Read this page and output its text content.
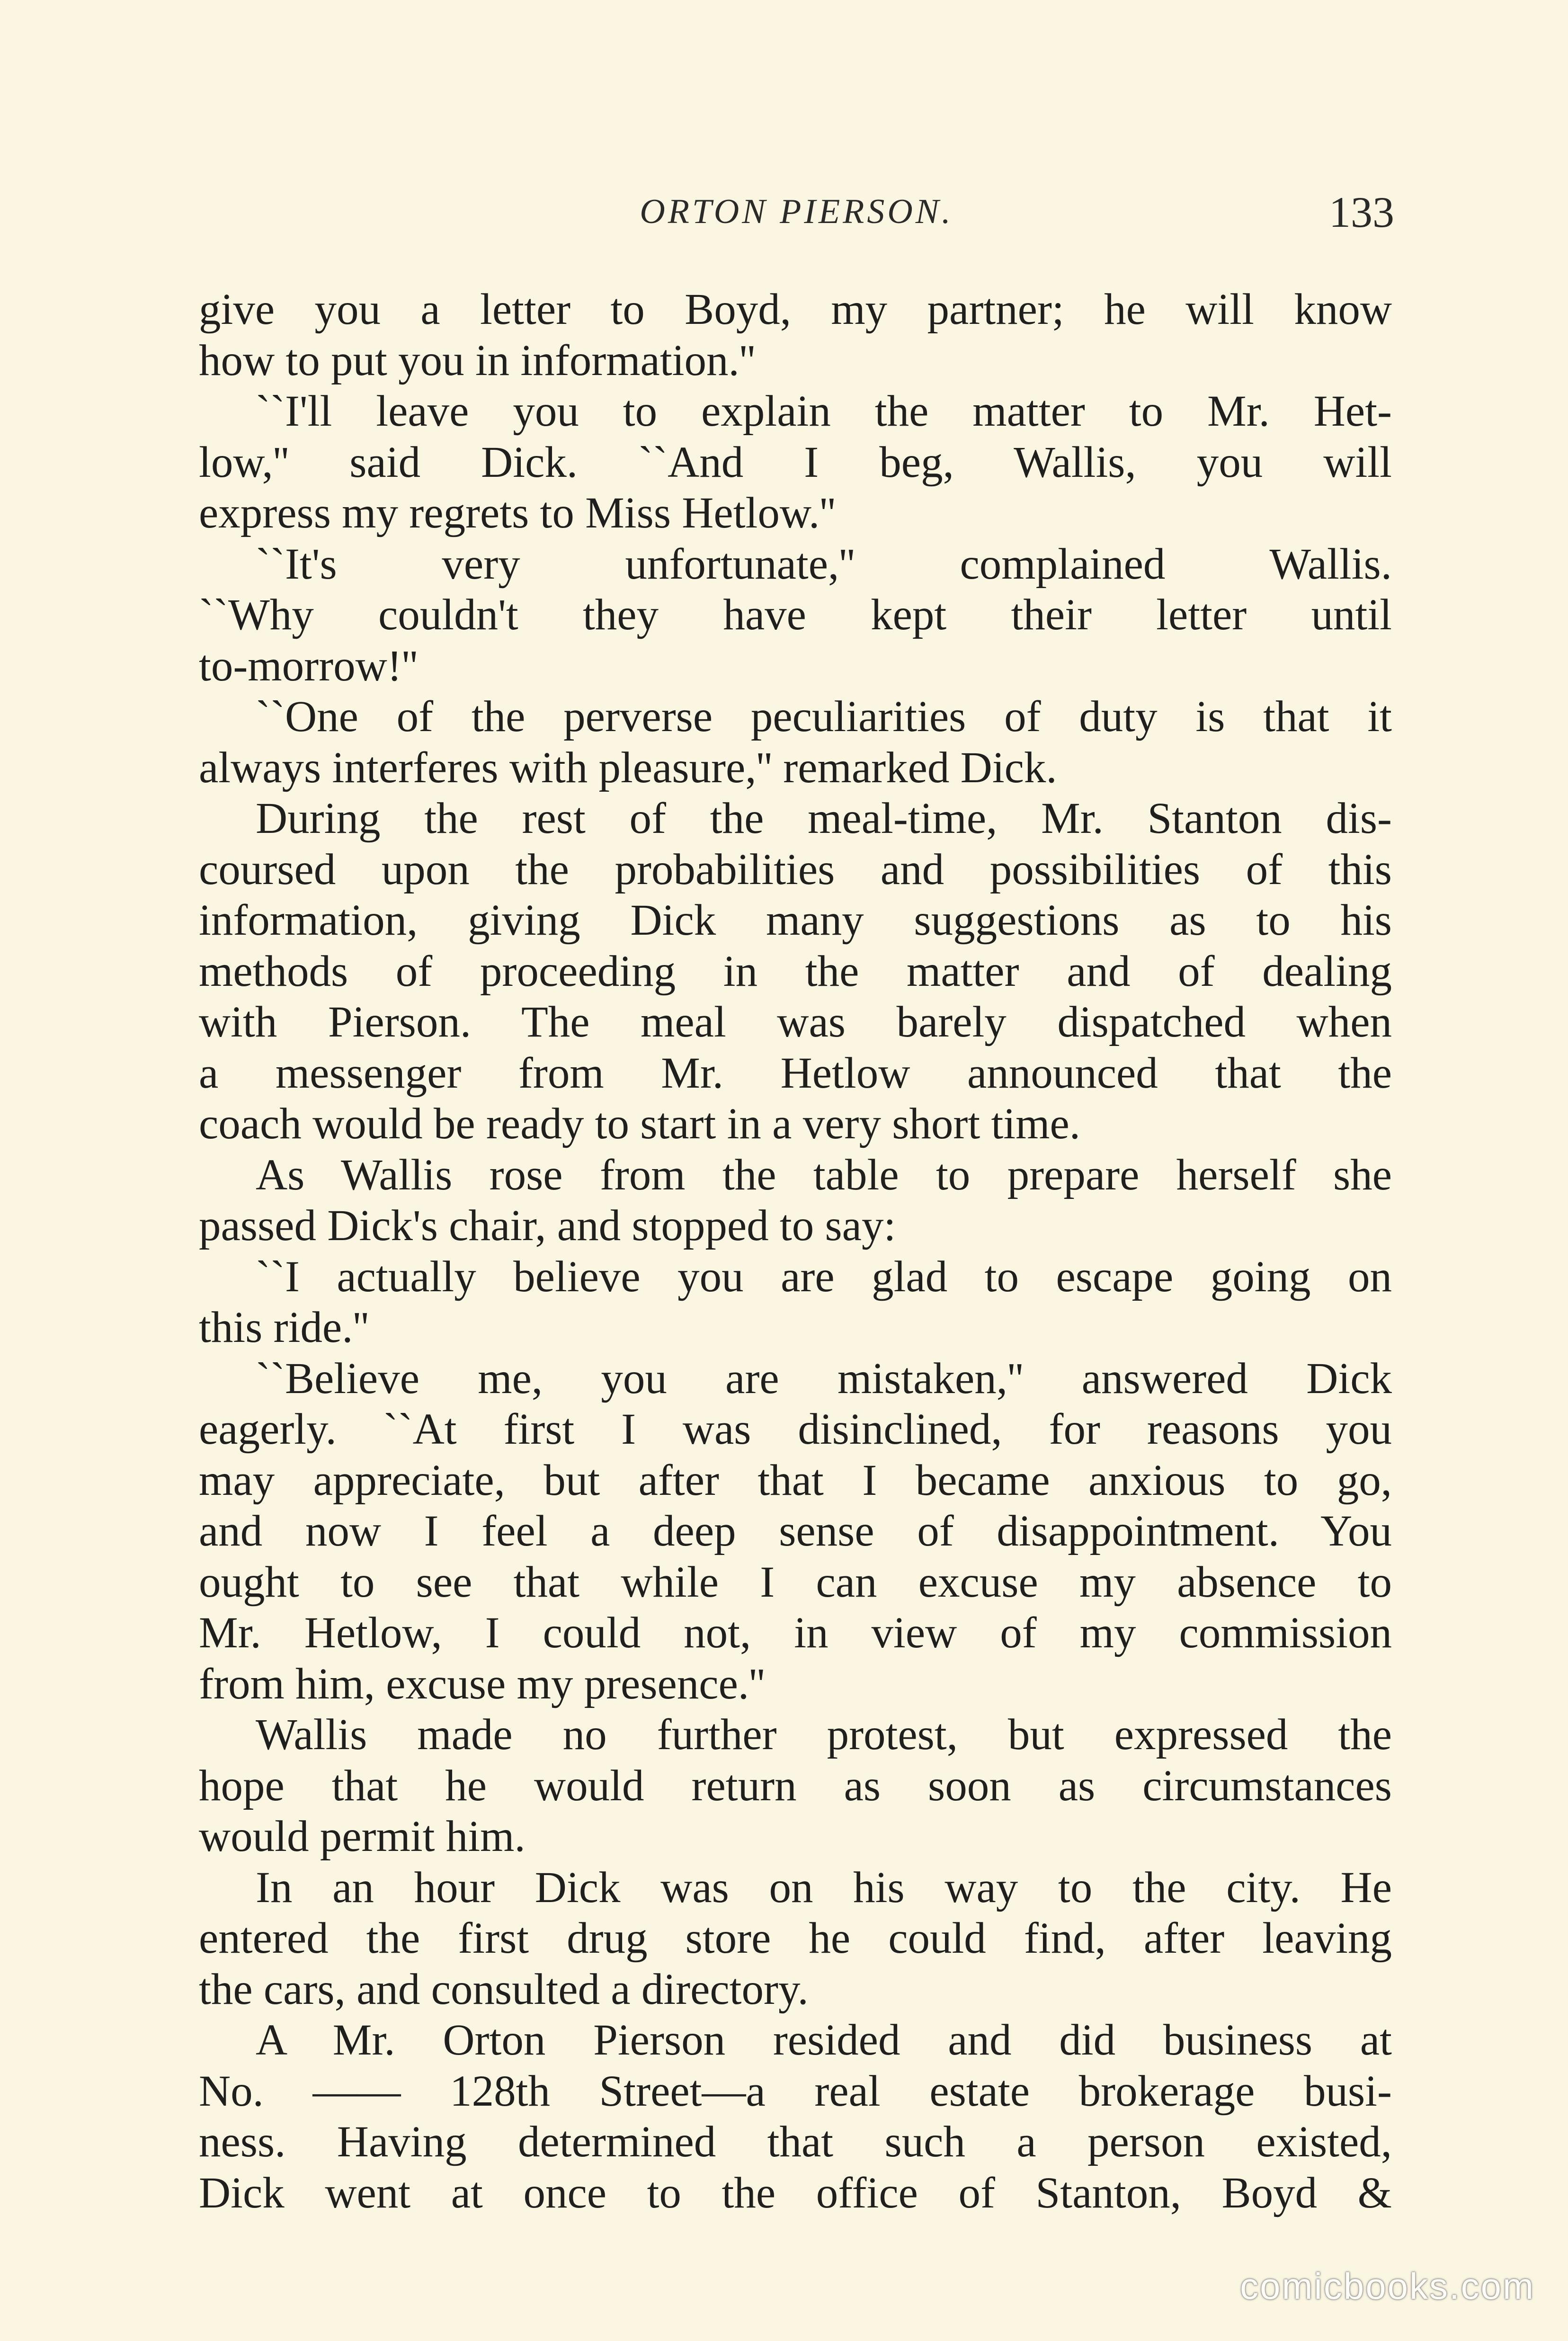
ORTON PIERSON.	133
give you a letter to Boyd, my partner; he will know
how to put you in information.''
``I'll leave you to explain the matter to Mr. Het-
low,'' said Dick. ``And I beg, Wallis, you will
express my regrets to Miss Hetlow.''
``It's very unfortunate,'' complained Wallis.
``Why couldn't they have kept their letter until
to-morrow!''
``One of the perverse peculiarities of duty is that it
always interferes with pleasure,'' remarked Dick.
During the rest of the meal-time, Mr. Stanton dis-
coursed upon the probabilities and possibilities of this
information, giving Dick many suggestions as to his
methods of proceeding in the matter and of dealing
with Pierson. The meal was barely dispatched when
a messenger from Mr. Hetlow announced that the
coach would be ready to start in a very short time.
As Wallis rose from the table to prepare herself she
passed Dick's chair, and stopped to say:
``I actually believe you are glad to escape going on
this ride.''
``Believe me, you are mistaken,'' answered Dick
eagerly. ``At first I was disinclined, for reasons you
may appreciate, but after that I became anxious to go,
and now I feel a deep sense of disappointment. You
ought to see that while I can excuse my absence to
Mr. Hetlow, I could not, in view of my commission
from him, excuse my presence.''
Wallis made no further protest, but expressed the
hope that he would return as soon as circumstances
would permit him.
In an hour Dick was on his way to the city. He
entered the first drug store he could find, after leaving
the cars, and consulted a directory.
A Mr. Orton Pierson resided and did business at
No. —— 128th Street—a real estate brokerage busi-
ness. Having determined that such a person existed,
Dick went at once to the office of Stanton, Boyd &
comicbooks.com
